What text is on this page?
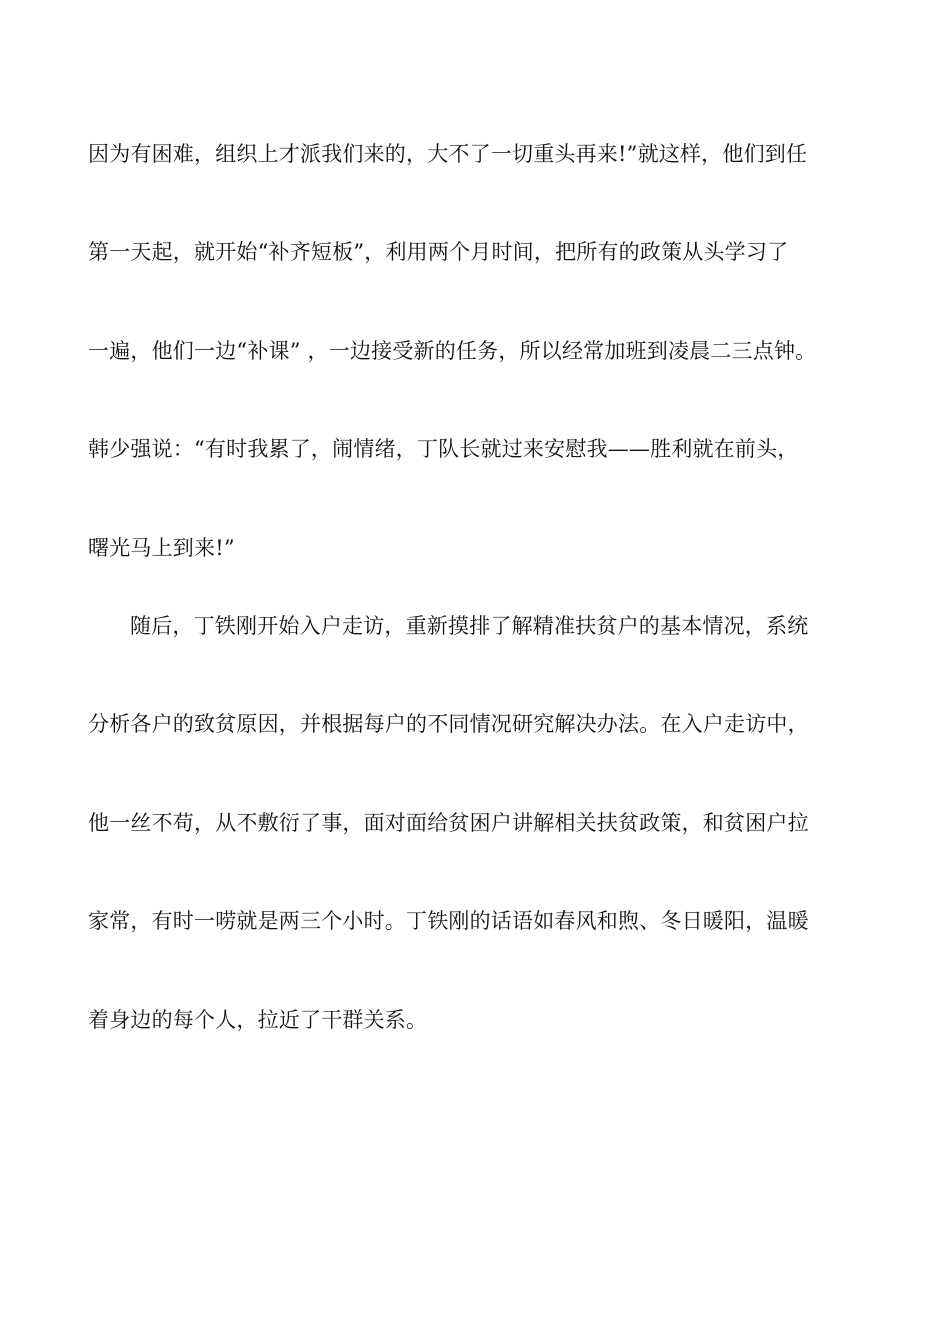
因为有困难，组织上才派我们来的，大不了一切重头再来!”就这样，他们到任
第一天起，就开始“补齐短板”，利用两个月时间，把所有的政策从头学习了
一遍，他们一边“补课” ，一边接受新的任务，所以经常加班到凌晨二三点钟。
韩少强说：“有时我累了，闹情绪，丁队长就过来安慰我——胜利就在前头，
曙光马上到来!”
随后，丁铁刚开始入户走访，重新摸排了解精准扶贫户的基本情况，系统
分析各户的致贫原因，并根据每户的不同情况研究解决办法。在入户走访中，
他一丝不苟，从不敷衍了事，面对面给贫困户讲解相关扶贫政策，和贫困户拉
家常，有时一唠就是两三个小时。丁铁刚的话语如春风和煦、冬日暖阳，温暖
着身边的每个人，拉近了干群关系。
